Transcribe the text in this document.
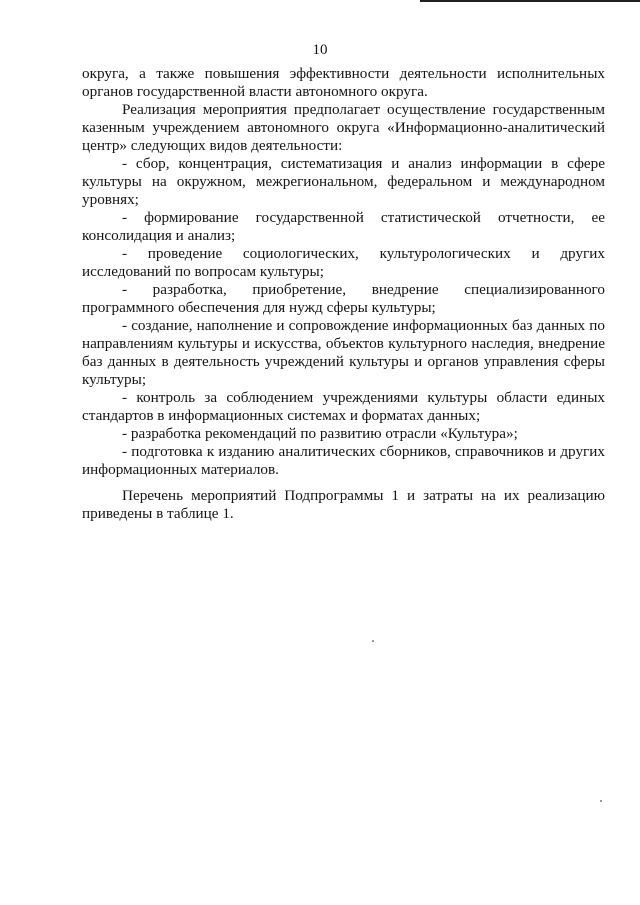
10

округа, а также повышения эффективности деятельности исполнительных органов государственной власти автономного округа.

Реализация мероприятия предполагает осуществление государственным казенным учреждением автономного округа «Информационно-аналитический центр» следующих видов деятельности:

- сбор, концентрация, систематизация и анализ информации в сфере культуры на окружном, межрегиональном, федеральном и международном уровнях;

- формирование государственной статистической отчетности, ее консолидация и анализ;

- проведение социологических, культурологических и других исследований по вопросам культуры;

- разработка, приобретение, внедрение специализированного программного обеспечения для нужд сферы культуры;

- создание, наполнение и сопровождение информационных баз данных по направлениям культуры и искусства, объектов культурного наследия, внедрение баз данных в деятельность учреждений культуры и органов управления сферы культуры;

- контроль за соблюдением учреждениями культуры области единых стандартов в информационных системах и форматах данных;

- разработка рекомендаций по развитию отрасли «Культура»;

- подготовка к изданию аналитических сборников, справочников и других информационных материалов.

Перечень мероприятий Подпрограммы 1 и затраты на их реализацию приведены в таблице 1.
